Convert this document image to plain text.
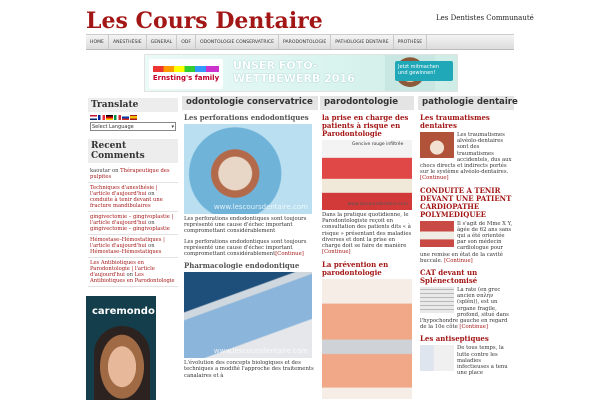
Les Cours Dentaire	Les Dentistes Communauté
HOME	ANESTHÉSIE	GENERAL	ODF	ODONTOLOGIE CONSERVATRICE	PARODONTOLOGIE	PATHOLOGIE DENTAIRE	PROTHÈSE
Ernsting's family
UNSER FOTO-WETTBEWERB 2016
Jetzt mitmachen und gewinnen!
Translate
Select Language	▾
Recent Comments
kaoutar on Thérapeutique des pulpites
Techniques d'anesthésie | l'article d'aujourd'hui on conduite à tenir devant une fracture mandibulaires
gingivectomie – gingivoplastie | l'article d'aujourd'hui on gingivectomie – gingivoplastie
Hémostase–Hémostatiques | l'article d'aujourd'hui on Hémostase–Hémostatiques
Les Antibiotiques en Parodontologie | l'article d'aujourd'hui on Les Antibiotiques en Parodontologie
caremondo
odontologie conservatrice	parodontologie	pathologie dentaire
Les perforations endodontiques
www.lescoursdentaire.com
Les perforations endodontiques sont toujours représenté une cause d'échec important compromettant considérablement
Les perforations endodontiques sont toujours représenté une cause d'échec important compromettant considérablement[Continue]
Pharmacologie endodontique
www.lescoursdentaire.com
L'évolution des concepts biologiques et des techniques a modifié l'approche des traitements canalaires et à
la prise en charge des patients à risque en Parodontologie
Gencive rouge infiltrée
www.lescoursdentaire.com
Dans la pratique quotidienne, le Parodontologiste reçoit en consultation des patients dits « à risque » présentant des maladies diverses et dont la prise en charge doit se faire de manière [Continue]
La prévention en parodontologie
Les traumatismes dentaires
Les traumatismes alvéolo-dentaires sont des traumatismes accidentels, dus aux chocs directs et indirects portés sur le système alvéolo-dentaires. [Continue]
CONDUITE A TENIR DEVANT UNE PATIENT CARDIOPATHE POLYMEDIQUEE
Il s'agit de Mme X Y, âgée de 62 ans sans qui a été orientée par son médecin cardiologue pour une remise en état de la cavité buccale. [Continue]
CAT devant un Splénectomisé
La rate (en grec ancien σπλήν (splên)), est un organe fragile, profond, situé dans l'hypochondre gauche en regard de la 10e côte [Continue]
Les antiseptiques
De tous temps, la lutte contre les maladies infectieuses a tenu une place
